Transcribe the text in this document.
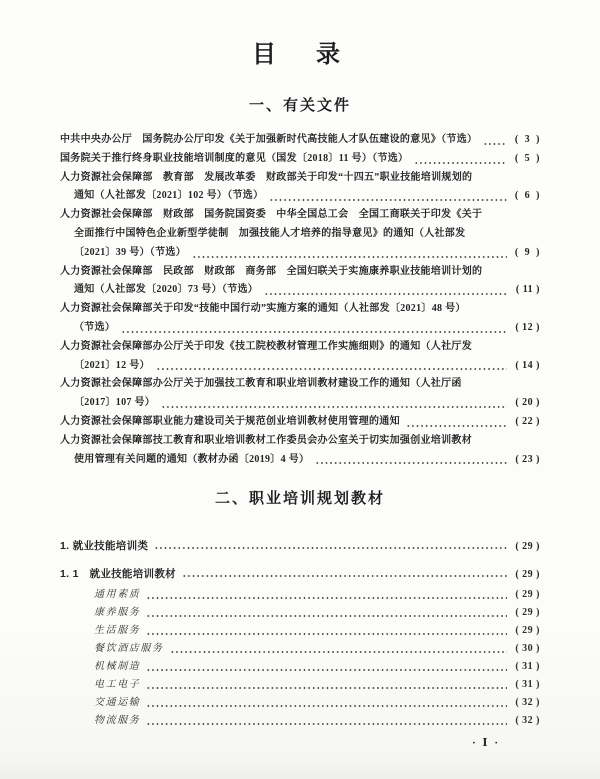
目　录
一、有关文件
中共中央办公厅　国务院办公厅印发《关于加强新时代高技能人才队伍建设的意见》（节选）	(  3  )
国务院关于推行终身职业技能培训制度的意见（国发〔2018〕11 号）（节选）	(  5  )
人力资源社会保障部　教育部　发展改革委　财政部关于印发“十四五”职业技能培训规划的
通知（人社部发〔2021〕102 号）（节选）	(  6  )
人力资源社会保障部　财政部　国务院国资委　中华全国总工会　全国工商联关于印发《关于
全面推行中国特色企业新型学徒制　加强技能人才培养的指导意见》的通知（人社部发
〔2021〕39 号）（节选）	(  9  )
人力资源社会保障部　民政部　财政部　商务部　全国妇联关于实施康养职业技能培训计划的
通知（人社部发〔2020〕73 号）（节选）	( 11 )
人力资源社会保障部关于印发“技能中国行动”实施方案的通知（人社部发〔2021〕48 号）
（节选）	( 12 )
人力资源社会保障部办公厅关于印发《技工院校教材管理工作实施细则》的通知（人社厅发
〔2021〕12 号）	( 14 )
人力资源社会保障部办公厅关于加强技工教育和职业培训教材建设工作的通知（人社厅函
〔2017〕107 号）	( 20 )
人力资源社会保障部职业能力建设司关于规范创业培训教材使用管理的通知	( 22 )
人力资源社会保障部技工教育和职业培训教材工作委员会办公室关于切实加强创业培训教材
使用管理有关问题的通知（教材办函〔2019〕4 号）	( 23 )
二、职业培训规划教材
1. 就业技能培训类	( 29 )
1. 1　就业技能培训教材	( 29 )
通用素质	( 29 )
康养服务	( 29 )
生活服务	( 29 )
餐饮酒店服务	( 30 )
机械制造	( 31 )
电工电子	( 31 )
交通运输	( 32 )
物流服务	( 32 )
· Ⅰ ·
